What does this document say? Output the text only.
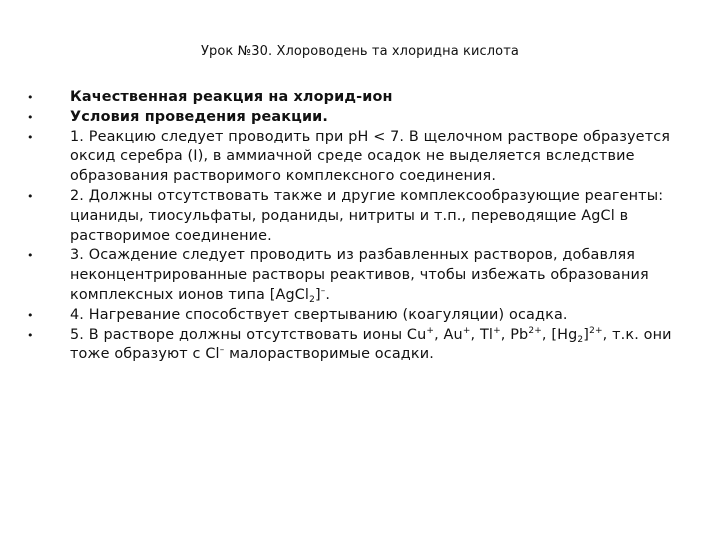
Урок №30. Хлороводень та хлоридна кислота
•	Качественная реакция на хлорид-ион
•	Условия проведения реакции.
•	1. Реакцию следует проводить при pH < 7. В щелочном растворе образуется оксид серебра (I), в аммиачной среде осадок не выделяется вследствие образования растворимого комплексного соединения.
•	2. Должны отсутствовать также и другие комплексообразующие реагенты: цианиды, тиосульфаты, роданиды, нитриты и т.п., переводящие AgCl в растворимое соединение.
•	3. Осаждение следует проводить из разбавленных растворов, добавляя неконцентрированные растворы реактивов, чтобы избежать образования комплексных ионов типа [AgCl$_2$]–.
•	4. Нагревание способствует свертыванию (коагуляции) осадка.
•	5. В растворе должны отсутствовать ионы Cu+, Au+, Tl+, $Pb^{2+}$, $[Hg_2]^{2+}$, т.к. они тоже образуют с Cl– малорастворимые осадки.
